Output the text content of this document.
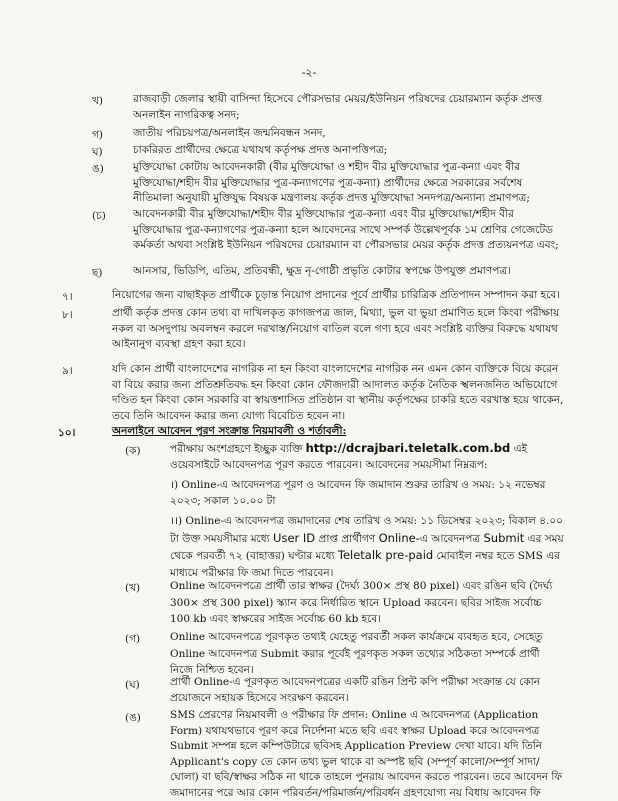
-২-
খ)	রাজবাড়ী জেলার স্থায়ী বাসিন্দা হিসেবে পৌরসভার মেয়র/ইউনিয়ন পরিষদের চেয়ারম্যান কর্তৃক প্রদত্ত অনলাইন নাগরিকত্ব সনদ;
গ)	জাতীয় পরিচয়পত্র/অনলাইন জন্মনিবন্ধন সনদ,
ঘ)	চাকরিরত প্রার্থীদের ক্ষেত্রে যথাযথ কর্তৃপক্ষ প্রদত্ত অনাপত্তিপত্র;
ঙ)	মুক্তিযোদ্ধা কোটায় আবেদনকারী (বীর মুক্তিযোদ্ধা ও শহীদ বীর মুক্তিযোদ্ধার পুত্র-কন্যা এবং বীর মুক্তিযোদ্ধা/শহীদ বীর মুক্তিযোদ্ধার পুত্র-কন্যাগণের পুত্র-কন্যা) প্রার্থীদের ক্ষেত্রে সরকারের সর্বশেষ নীতিমালা অনুযায়ী মুক্তিযুদ্ধ বিষয়ক মন্ত্রণালয় কর্তৃক প্রদত্ত মুক্তিযোদ্ধা সনদপত্র/অন্যান্য প্রমাণপত্র;
(চ)	আবেদনকারী বীর মুক্তিযোদ্ধা/শহীদ বীর মুক্তিযোদ্ধার পুত্র-কন্যা এবং বীর মুক্তিযোদ্ধা/শহীদ বীর মুক্তিযোদ্ধার পুত্র-কন্যাগণের পুত্র-কন্যা হলে আবেদনের সাথে সম্পর্ক উল্লেখপূর্বক ১ম শ্রেণির গেজেটেড কর্মকর্তা অথবা সংশ্লিষ্ট ইউনিয়ন পরিষদের চেয়ারম্যান বা পৌরসভার মেয়র কর্তৃক প্রদত্ত প্রত্যয়নপত্র এবং;
ছ)	আনসার, ভিডিপি, এতিম, প্রতিবন্ধী, ক্ষুদ্র নৃ-গোষ্ঠী প্রভৃতি কোটার স্বপক্ষে উপযুক্ত প্রমাণপত্র।
৭।	নিয়োগের জন্য বাছাইকৃত প্রার্থীকে চূড়ান্ত নিয়োগ প্রদানের পূর্বে প্রার্থীর চারিত্রিক প্রতিপাদন সম্পাদন করা হবে।
৮।	প্রার্থী কর্তৃক প্রদত্ত কোন তথ্য বা দাখিলকৃত কাগজপত্র জাল, মিথ্যা, ভুল বা ভুয়া প্রমাণিত হলে কিংবা পরীক্ষায় নকল বা অসদুপায় অবলম্বন করলে দরখাস্ত/নিয়োগ বাতিল বলে গণ্য হবে এবং সংশ্লিষ্ট ব্যক্তির বিরুদ্ধে যথাযথ আইনানুগ ব্যবস্থা গ্রহণ করা হবে।
৯।	যদি কোন প্রার্থী বাংলাদেশের নাগরিক না হন কিংবা বাংলাদেশের নাগরিক নন এমন কোন ব্যক্তিকে বিয়ে করেন বা বিয়ে করার জন্য প্রতিশ্রুতিবদ্ধ হন কিংবা কোন ফৌজদারী আদালত কর্তৃক নৈতিক স্খলনজনিত অভিযোগে দণ্ডিত হন কিংবা কোন সরকারি বা স্বায়ত্তশাসিত প্রতিষ্ঠান বা স্থানীয় কর্তৃপক্ষের চাকরি হতে বরখাস্ত হয়ে থাকেন, তবে তিনি আবেদন করার জন্য যোগ্য বিবেচিত হবেন না।
১০।	অনলাইনে আবেদন পূরণ সংক্রান্ত নিয়মাবলী ও শর্তাবলী:
(ক)	পরীক্ষায় অংশগ্রহণে ইচ্ছুক ব্যক্তি http://dcrajbari.teletalk.com.bd এই ওয়েবসাইটে আবেদনপত্র পূরণ করতে পারবেন। আবেদনের সময়সীমা নিম্নরূপ:
।) Online-এ আবেদনপত্র পূরণ ও আবেদন ফি জমাদান শুরুর তারিখ ও সময়: ১২ নভেম্বর ২০২৩; সকাল ১০.০০ টা
।।) Online-এ আবেদনপত্র জমাদানের শেষ তারিখ ও সময়: ১১ ডিসেম্বর ২০২৩; বিকাল ৪.০০ টা উক্ত সময়সীমার মধ্যে User ID প্রাপ্ত প্রার্থীগণ Online-এ আবেদনপত্র Submit এর সময় থেকে পরবর্তী ৭২ (বাহাত্তর) ঘণ্টার মধ্যে Teletalk pre-paid মোবাইল নম্বর হতে SMS এর মাধ্যমে পরীক্ষার ফি জমা দিতে পারবেন।
(খ)	Online আবেদনপত্রে প্রার্থী তার স্বাক্ষর (দৈর্ঘ্য 300× প্রস্থ 80 pixel) এবং রঙিন ছবি (দৈর্ঘ্য 300× প্রস্থ 300 pixel) স্ক্যান করে নির্ধারিত স্থানে Upload করবেন। ছবির সাইজ সর্বোচ্চ 100 kb এবং স্বাক্ষরের সাইজ সর্বোচ্চ 60 kb হবে।
(গ)	Online আবেদনপত্রে পূরণকৃত তথ্যই যেহেতু পরবর্তী সকল কার্যক্রমে ব্যবহৃত হবে, সেহেতু Online আবেদনপত্র Submit করার পূর্বেই পূরণকৃত সকল তথ্যের সঠিকতা সম্পর্কে প্রার্থী নিজে নিশ্চিত হবেন।
(ঘ)	প্রার্থী Online-এ পূরণকৃত আবেদনপত্রের একটি রঙিন প্রিন্ট কপি পরীক্ষা সংক্রান্ত যে কোন প্রয়োজনে সহায়ক হিসেবে সংরক্ষণ করবেন।
(ঙ)	SMS প্রেরণের নিয়মাবলী ও পরীক্ষার ফি প্রদান: Online এ আবেদনপত্র (Application Form) যথাযথভাবে পূরণ করে নির্দেশনা মতে ছবি এবং স্বাক্ষর Upload করে আবেদনপত্র Submit সম্পন্ন হলে কম্পিউটারে ছবিসহ Application Preview দেখা যাবে। যদি তিনি Applicant's copy তে কোন তথ্য ভুল থাকে বা অস্পষ্ট ছবি (সম্পূর্ণ কালো/সম্পূর্ণ সাদা/ঘোলা) বা ছবি/স্বাক্ষর সঠিক না থাকে তাহলে পুনরায় আবেদন করতে পারবেন। তবে আবেদন ফি জমাদানের পরে আর কোন পরিবর্তন/পরিমার্জন/পরিবর্ধন গ্রহণযোগ্য নয় বিধায় আবেদন ফি
